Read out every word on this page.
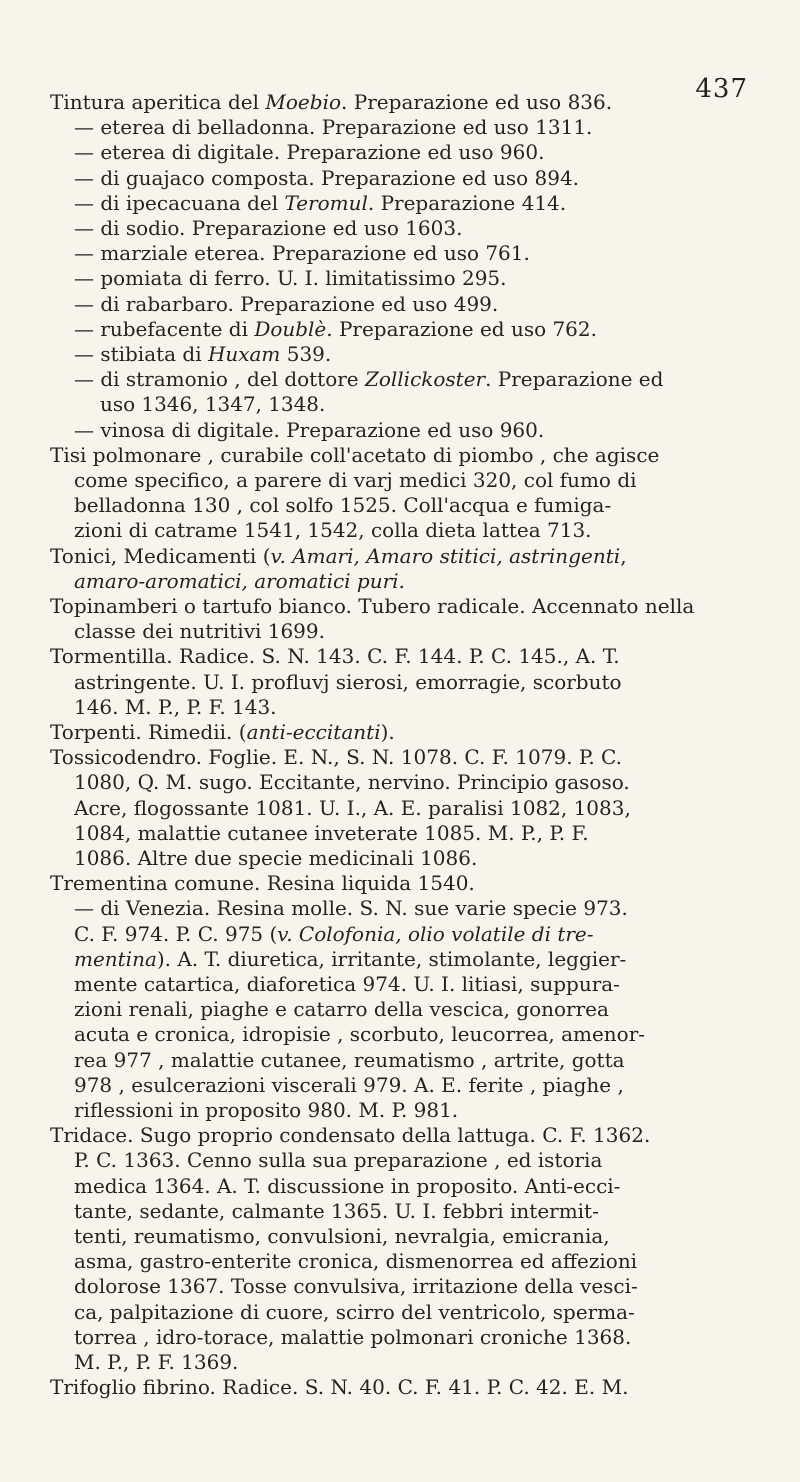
437
Tintura aperitica del Moebio. Preparazione ed uso 836.
— eterea di belladonna. Preparazione ed uso 1311.
— eterea di digitale. Preparazione ed uso 960.
— di guajaco composta. Preparazione ed uso 894.
— di ipecacuana del Teromul. Preparazione 414.
— di sodio. Preparazione ed uso 1603.
— marziale eterea. Preparazione ed uso 761.
— pomiata di ferro. U. I. limitatissimo 295.
— di rabarbaro. Preparazione ed uso 499.
— rubefacente di Doublè. Preparazione ed uso 762.
— stibiata di Huxam 539.
— di stramonio , del dottore Zollickoster. Preparazione ed
uso 1346, 1347, 1348.
— vinosa di digitale. Preparazione ed uso 960.
Tisi polmonare , curabile coll'acetato di piombo , che agisce
come specifico, a parere di varj medici 320, col fumo di
belladonna 130 , col solfo 1525. Coll'acqua e fumiga-
zioni di catrame 1541, 1542, colla dieta lattea 713.
Tonici, Medicamenti (v. Amari, Amaro stitici, astringenti,
amaro-aromatici, aromatici puri.
Topinamberi o tartufo bianco. Tubero radicale. Accennato nella
classe dei nutritivi 1699.
Tormentilla. Radice. S. N. 143. C. F. 144. P. C. 145., A. T.
astringente. U. I. profluvj sierosi, emorragie, scorbuto
146. M. P., P. F. 143.
Torpenti. Rimedii. (anti-eccitanti).
Tossicodendro. Foglie. E. N., S. N. 1078. C. F. 1079. P. C.
1080, Q. M. sugo. Eccitante, nervino. Principio gasoso.
Acre, flogossante 1081. U. I., A. E. paralisi 1082, 1083,
1084, malattie cutanee inveterate 1085. M. P., P. F.
1086. Altre due specie medicinali 1086.
Trementina comune. Resina liquida 1540.
— di Venezia. Resina molle. S. N. sue varie specie 973.
C. F. 974. P. C. 975 (v. Colofonia, olio volatile di tre-
mentina). A. T. diuretica, irritante, stimolante, leggier-
mente catartica, diaforetica 974. U. I. litiasi, suppura-
zioni renali, piaghe e catarro della vescica, gonorrea
acuta e cronica, idropisie , scorbuto, leucorrea, amenor-
rea 977 , malattie cutanee, reumatismo , artrite, gotta
978 , esulcerazioni viscerali 979. A. E. ferite , piaghe ,
riflessioni in proposito 980. M. P. 981.
Tridace. Sugo proprio condensato della lattuga. C. F. 1362.
P. C. 1363. Cenno sulla sua preparazione , ed istoria
medica 1364. A. T. discussione in proposito. Anti-ecci-
tante, sedante, calmante 1365. U. I. febbri intermit-
tenti, reumatismo, convulsioni, nevralgia, emicrania,
asma, gastro-enterite cronica, dismenorrea ed affezioni
dolorose 1367. Tosse convulsiva, irritazione della vesci-
ca, palpitazione di cuore, scirro del ventricolo, sperma-
torrea , idro-torace, malattie polmonari croniche 1368.
M. P., P. F. 1369.
Trifoglio fibrino. Radice. S. N. 40. C. F. 41. P. C. 42. E. M.
